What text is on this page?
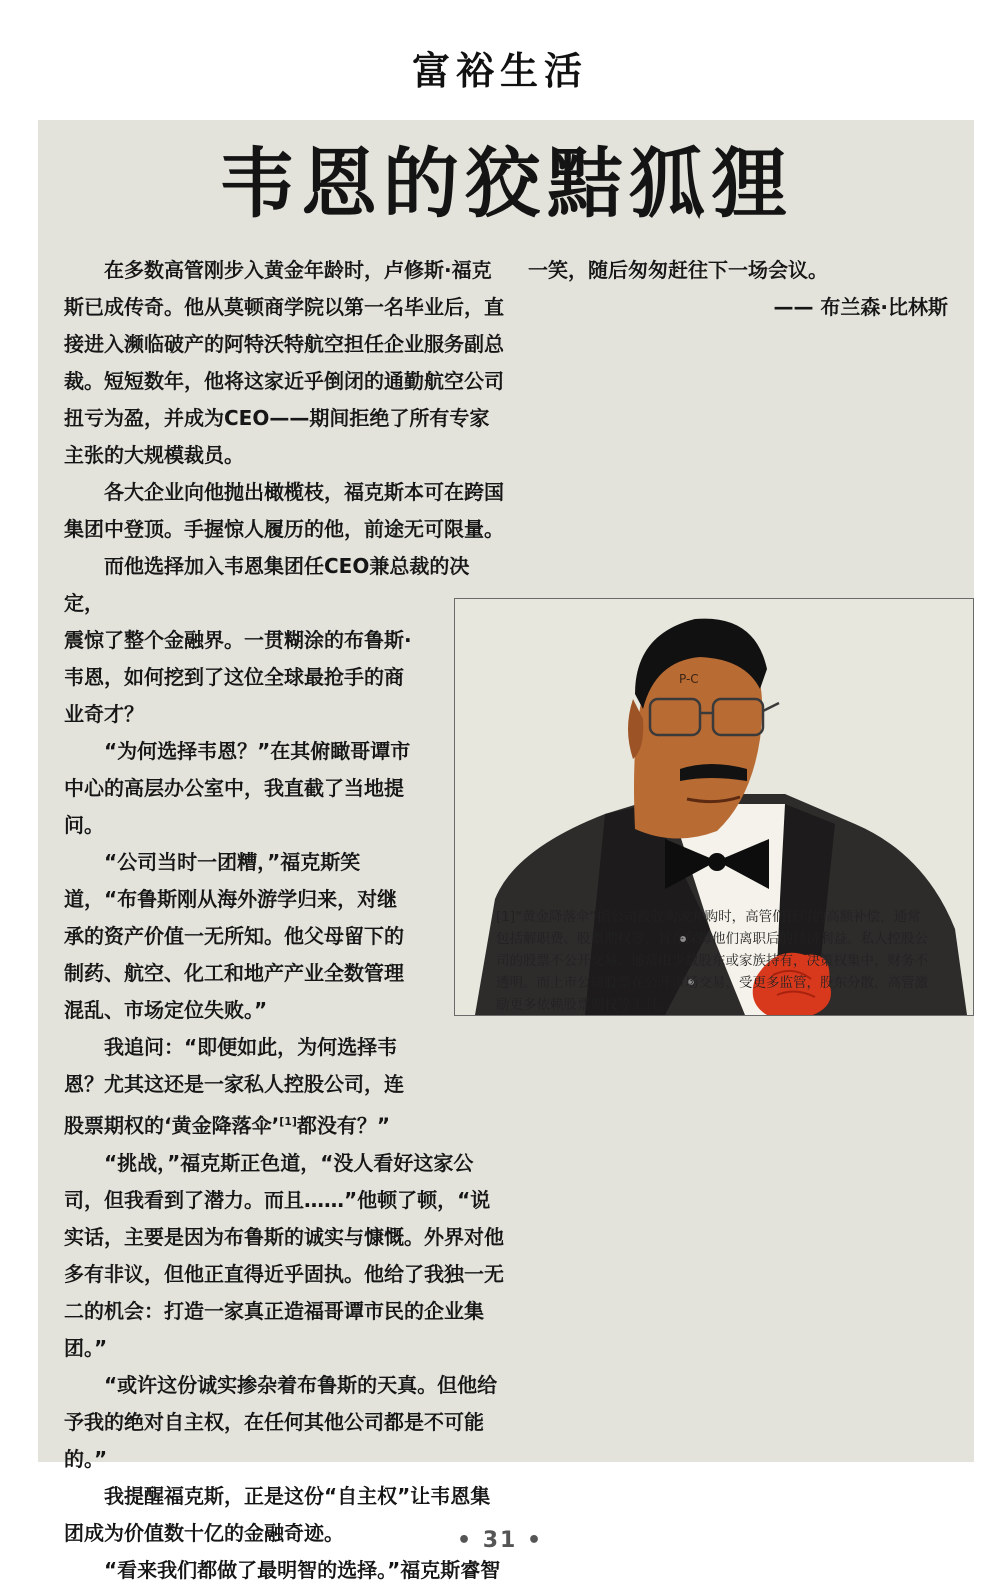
富裕生活
韦恩的狡黠狐狸

在多数高管刚步入黄金年龄时，卢修斯·福克斯已成传奇。他从莫顿商学院以第一名毕业后，直接进入濒临破产的阿特沃特航空担任企业服务副总裁。短短数年，他将这家近乎倒闭的通勤航空公司扭亏为盈，并成为CEO——期间拒绝了所有专家主张的大规模裁员。

各大企业向他抛出橄榄枝，福克斯本可在跨国集团中登顶。手握惊人履历的他，前途无可限量。

而他选择加入韦恩集团任CEO兼总裁的决定，

震惊了整个金融界。一贯糊涂的布鲁斯·韦恩，如何挖到了这位全球最抢手的商业奇才？

“为何选择韦恩？”在其俯瞰哥谭市中心的高层办公室中，我直截了当地提问。

“公司当时一团糟，”福克斯笑道，“布鲁斯刚从海外游学归来，对继承的资产价值一无所知。他父母留下的制药、航空、化工和地产产业全数管理混乱、市场定位失败。”

我追问：“即便如此，为何选择韦恩？尤其这还是一家私人控股公司，连股票期权的‘黄金降落伞’[1]都没有？”

“挑战，”福克斯正色道，“没人看好这家公司，但我看到了潜力。而且……”他顿了顿，“说实话，主要是因为布鲁斯的诚实与慷慨。外界对他多有非议，但他正直得近乎固执。他给了我独一无二的机会：打造一家真正造福哥谭市民的企业集团。”

“或许这份诚实掺杂着布鲁斯的天真。但他给予我的绝对自主权，在任何其他公司都是不可能的。”

我提醒福克斯，正是这份“自主权”让韦恩集团成为价值数十亿的金融奇迹。

“看来我们都做了最明智的选择。”福克斯睿智

一笑，随后匆匆赶往下一场会议。

—— 布兰森·比林斯

P-C

[1]“黄金降落伞”指公司被收购或并购时，高管们获得的高额补偿，通常包括解职费、股票期权等，旨在保障他们离职后的经济利益。私人控股公司的股票不公开交易，通常由少数股东或家族持有，决策权集中，财务不透明。而上市公司股票在公开市场交易，受更多监管，股东分散，高管激励更多依赖股票期权等工具。

• 31 •
